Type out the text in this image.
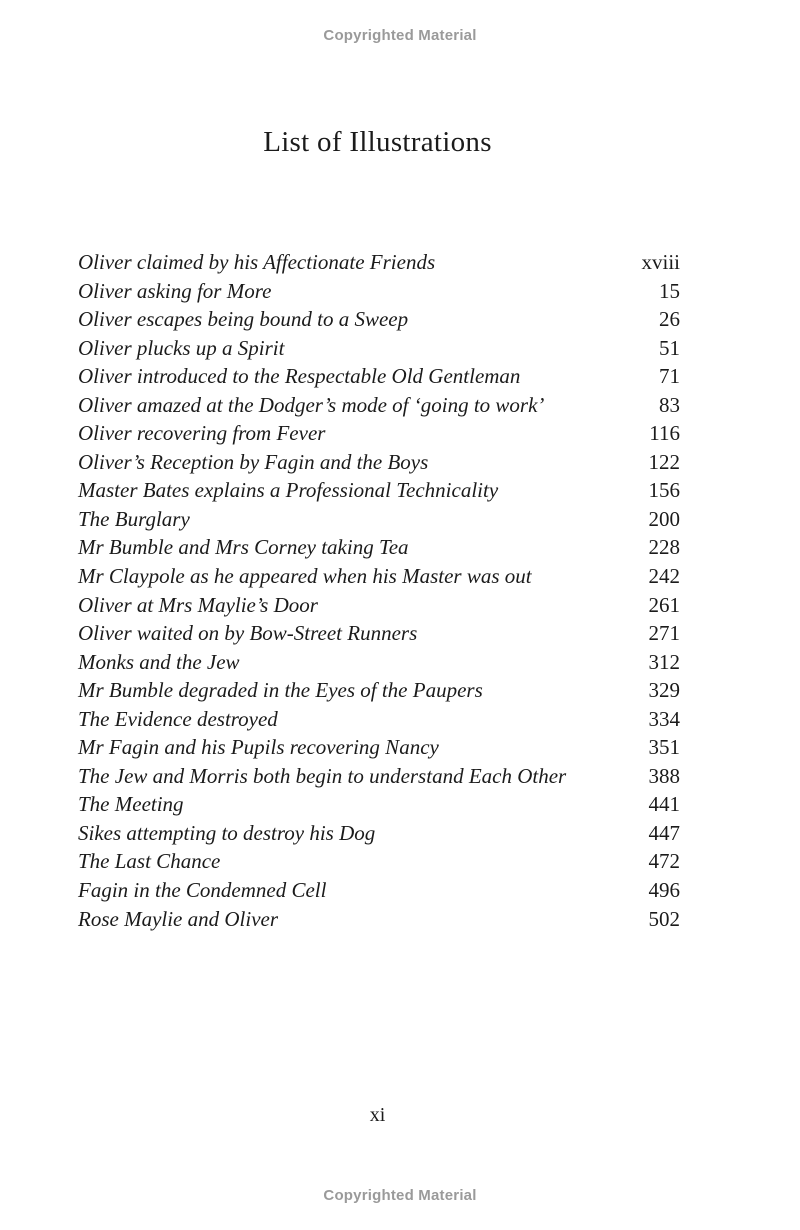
Copyrighted Material
List of Illustrations
Oliver claimed by his Affectionate Friends	xviii
Oliver asking for More	15
Oliver escapes being bound to a Sweep	26
Oliver plucks up a Spirit	51
Oliver introduced to the Respectable Old Gentleman	71
Oliver amazed at the Dodger’s mode of ‘going to work’	83
Oliver recovering from Fever	116
Oliver’s Reception by Fagin and the Boys	122
Master Bates explains a Professional Technicality	156
The Burglary	200
Mr Bumble and Mrs Corney taking Tea	228
Mr Claypole as he appeared when his Master was out	242
Oliver at Mrs Maylie’s Door	261
Oliver waited on by Bow-Street Runners	271
Monks and the Jew	312
Mr Bumble degraded in the Eyes of the Paupers	329
The Evidence destroyed	334
Mr Fagin and his Pupils recovering Nancy	351
The Jew and Morris both begin to understand Each Other	388
The Meeting	441
Sikes attempting to destroy his Dog	447
The Last Chance	472
Fagin in the Condemned Cell	496
Rose Maylie and Oliver	502
xi
Copyrighted Material
